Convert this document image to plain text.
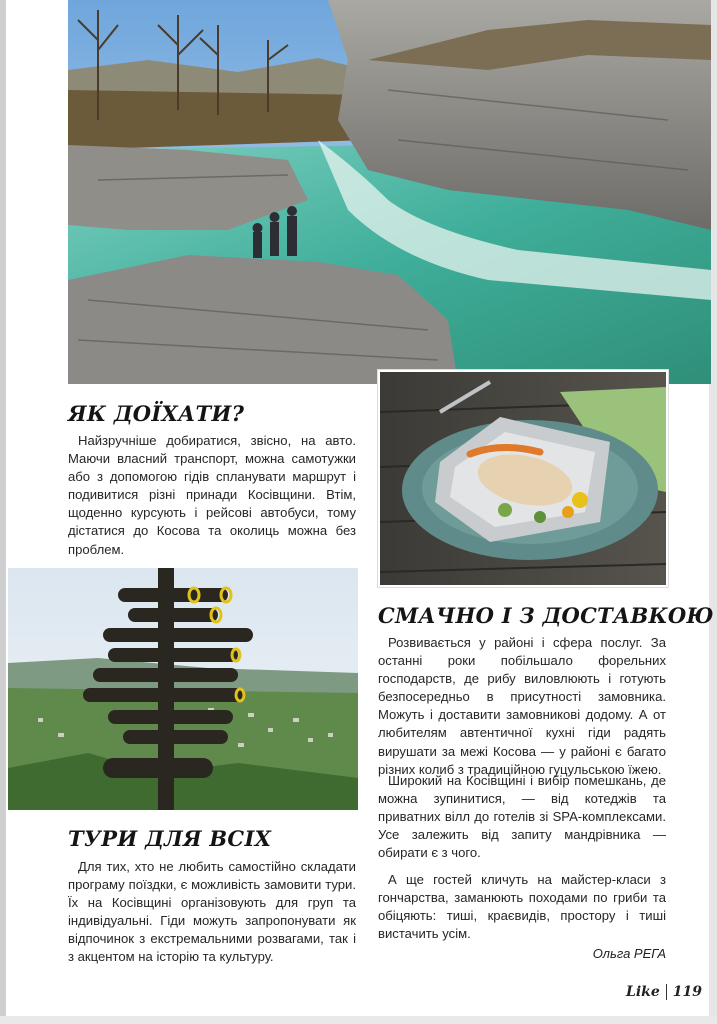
ЯК ДОЇХАТИ?

Найзручніше добиратися, звісно, на авто. Маючи власний транспорт, можна самотужки або з допомогою гідів спланувати маршрут і подивитися різні принади Косівщини. Втім, щоденно курсують і рейсові автобуси, тому дістатися до Косова та околиць можна без проблем.

СМАЧНО І З ДОСТАВКОЮ

Розвивається у районі і сфера послуг. За останні роки побільшало форельних господарств, де рибу виловлюють і готують безпосередньо в присутності замовника. Можуть і доставити замовникові додому. А от любителям автентичної кухні гіди радять вирушати за межі Косова — у районі є багато різних колиб з традиційною гуцульською їжею.

Широкий на Косівщині і вибір помешкань, де можна зупинитися, — від котеджів та приватних вілл до готелів зі SPA-комплексами. Усе залежить від запиту мандрівника — обирати є з чого.

А ще гостей кличуть на майстер-класи з гончарства, заманюють походами по гриби та обіцяють: тиші, краєвидів, простору і тиші вистачить усім.

ТУРИ ДЛЯ ВСІХ

Для тих, хто не любить самостійно складати програму поїздки, є можливість замовити тури. Їх на Косівщині організовують для груп та індивідуальні. Гіди можуть запропонувати як відпочинок з екстремальними розвагами, так і з акцентом на історію та культуру.	Ольга РЕГА
Like 119
